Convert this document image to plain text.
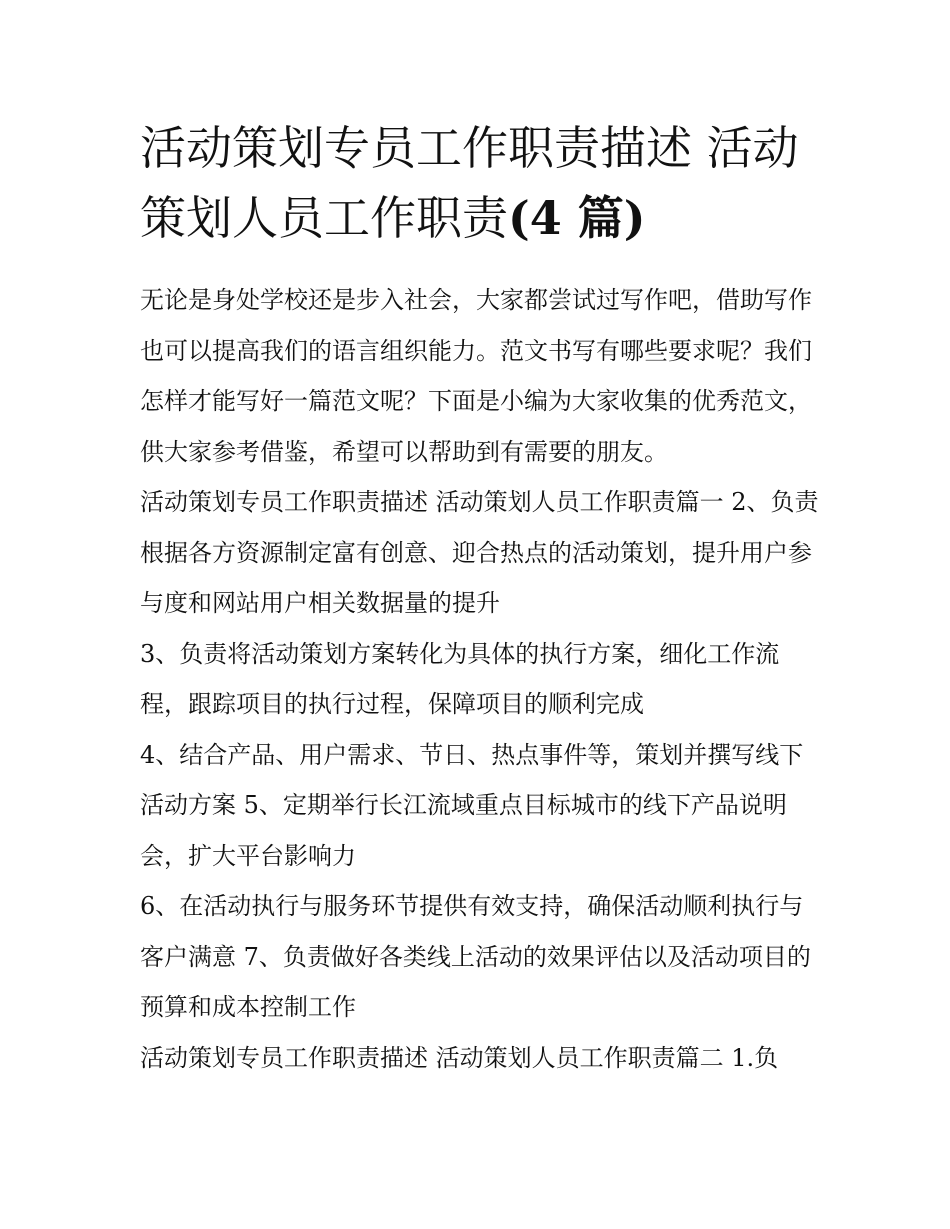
活动策划专员工作职责描述 活动策划人员工作职责(4 篇)

无论是身处学校还是步入社会，大家都尝试过写作吧，借助写作也可以提高我们的语言组织能力。范文书写有哪些要求呢？我们怎样才能写好一篇范文呢？下面是小编为大家收集的优秀范文，供大家参考借鉴，希望可以帮助到有需要的朋友。

活动策划专员工作职责描述 活动策划人员工作职责篇一 2、负责根据各方资源制定富有创意、迎合热点的活动策划，提升用户参与度和网站用户相关数据量的提升

3、负责将活动策划方案转化为具体的执行方案，细化工作流程，跟踪项目的执行过程，保障项目的顺利完成

4、结合产品、用户需求、节日、热点事件等，策划并撰写线下活动方案 5、定期举行长江流域重点目标城市的线下产品说明会，扩大平台影响力

6、在活动执行与服务环节提供有效支持，确保活动顺利执行与客户满意 7、负责做好各类线上活动的效果评估以及活动项目的预算和成本控制工作

活动策划专员工作职责描述 活动策划人员工作职责篇二 1.负
